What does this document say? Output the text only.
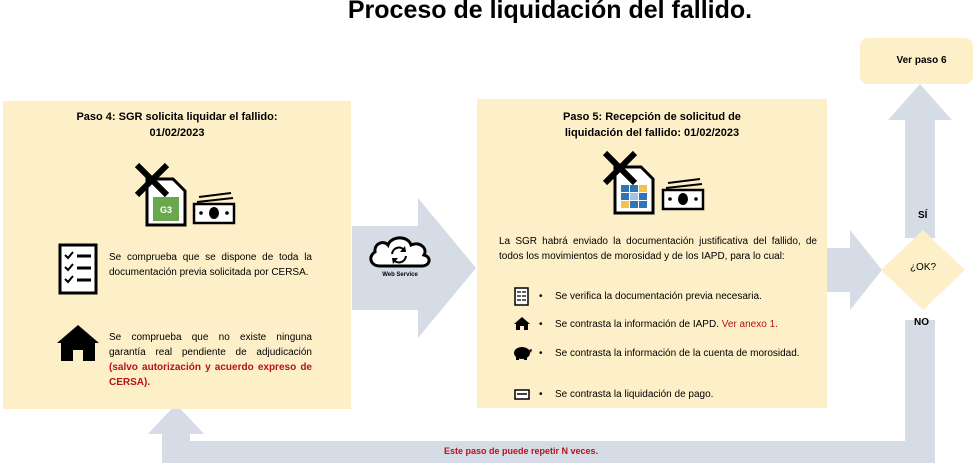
Proceso de liquidación del fallido.
Paso 4: SGR solicita liquidar el fallido:
01/02/2023
G3
Se comprueba que se dispone de toda la documentación previa solicitada por CERSA.
Se comprueba que no existe ninguna garantía real pendiente de adjudicación (salvo autorización y acuerdo expreso de CERSA).
Web Service
Paso 5: Recepción de solicitud de
liquidación del fallido: 01/02/2023
La SGR habrá enviado la documentación justificativa del fallido, de todos los movimientos de morosidad y de los IAPD, para lo cual:
• Se verifica la documentación previa necesaria.
• Se contrasta la información de IAPD. Ver anexo 1.
• Se contrasta la información de la cuenta de morosidad.
• Se contrasta la liquidación de pago.
¿OK?
SÍ
NO
Ver paso 6
Este paso de puede repetir N veces.
